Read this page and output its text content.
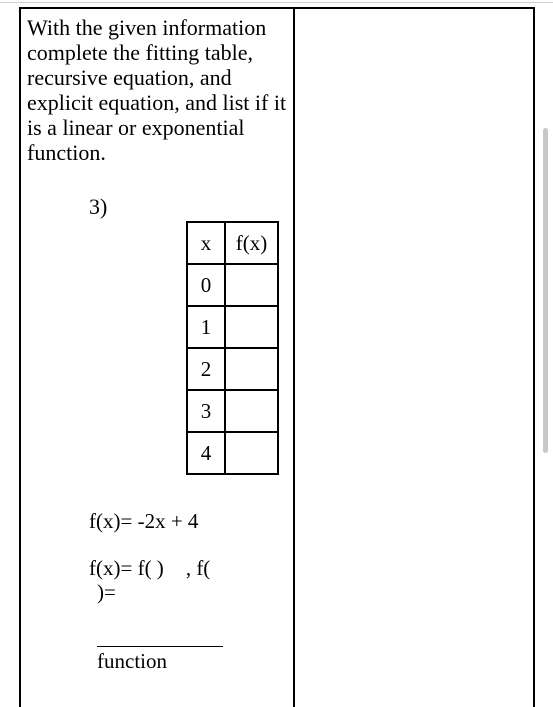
With the given information complete the fitting table, recursive equation, and explicit equation, and list if it is a linear or exponential function.

3)
x	f(x)
0	
1	
2	
3	
4	
f(x)= -2x + 4
f(x)= f( ) , f(
)=
function
